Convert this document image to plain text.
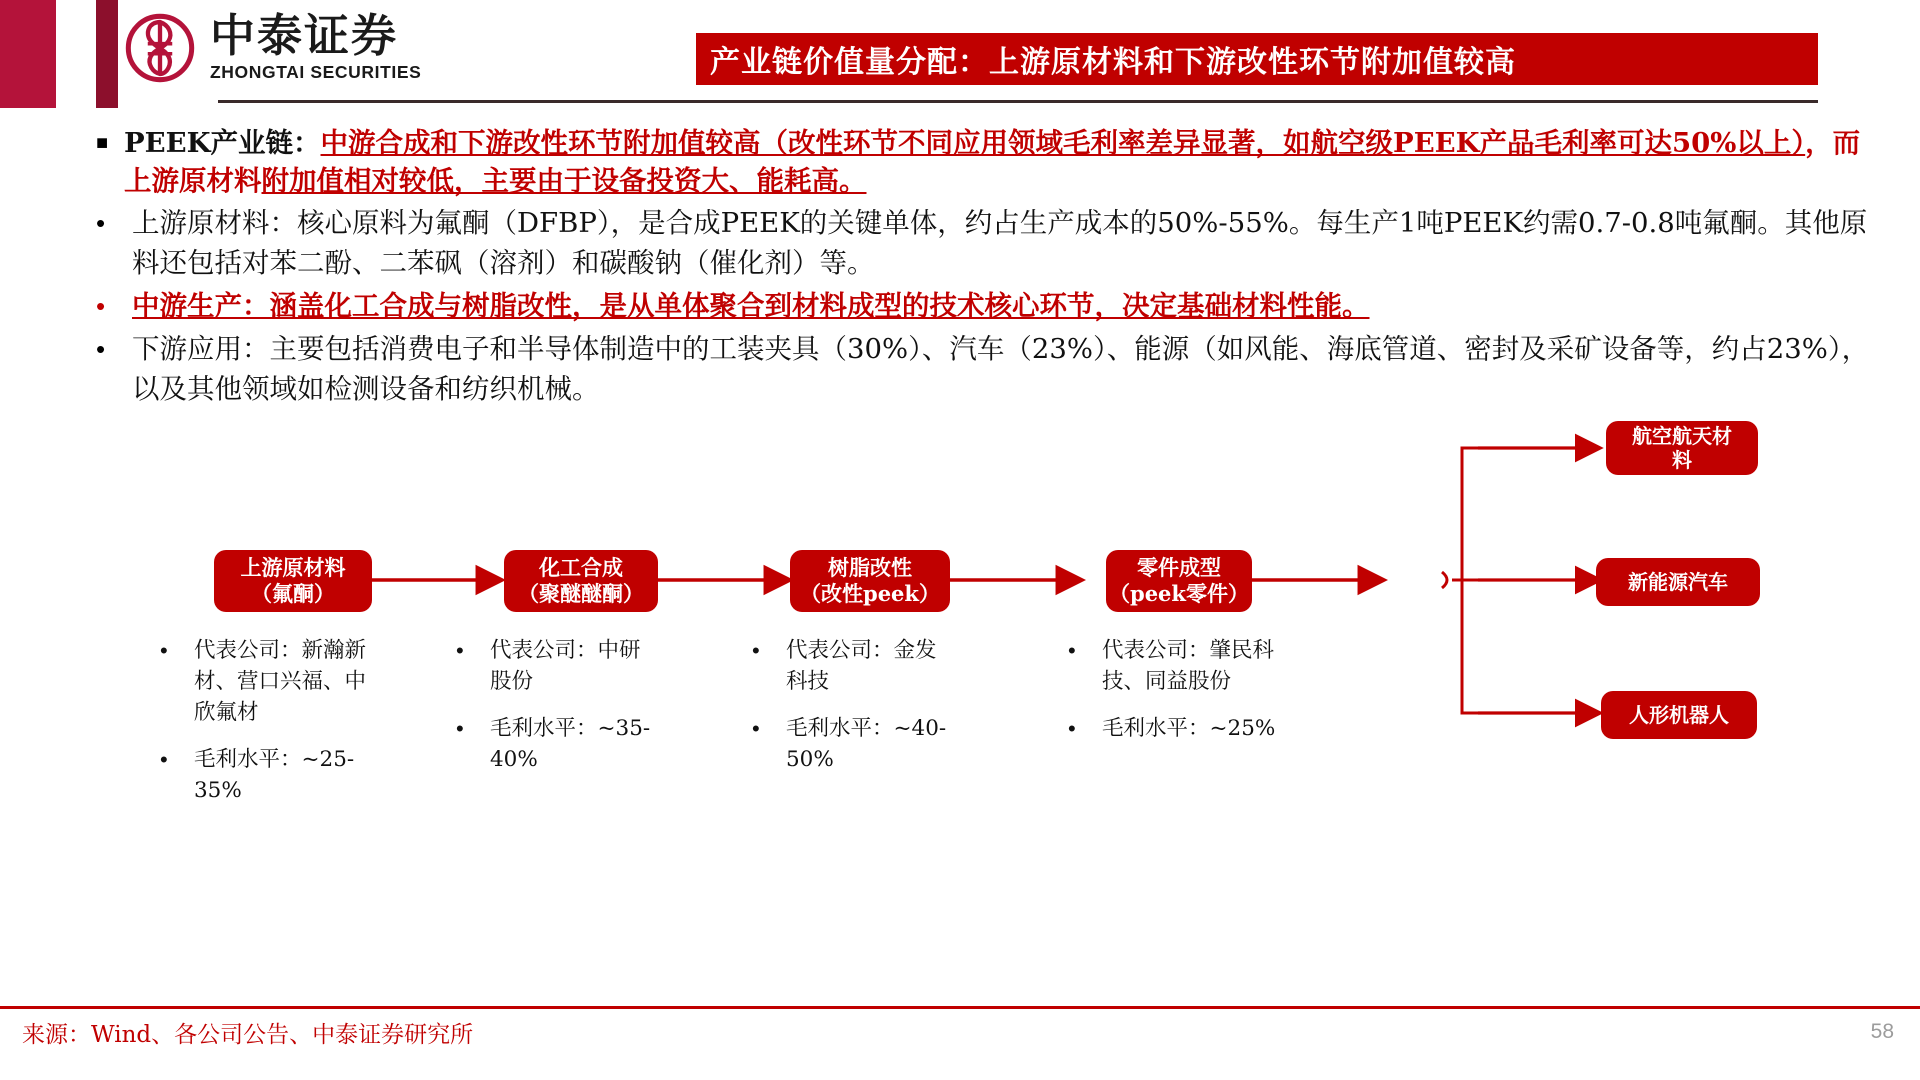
中泰证券
ZHONGTAI SECURITIES	产业链价值量分配：上游原材料和下游改性环节附加值较高
■ PEEK产业链：中游合成和下游改性环节附加值较高（改性环节不同应用领域毛利率差异显著，如航空级PEEK产品毛利率可达50%以上），而上游原材料附加值相对较低，主要由于设备投资大、能耗高。
• 上游原材料：核心原料为氟酮（DFBP），是合成PEEK的关键单体，约占生产成本的50%-55%。每生产1吨PEEK约需0.7-0.8吨氟酮。其他原料还包括对苯二酚、二苯砜（溶剂）和碳酸钠（催化剂）等。
• 中游生产：涵盖化工合成与树脂改性，是从单体聚合到材料成型的技术核心环节，决定基础材料性能。
• 下游应用：主要包括消费电子和半导体制造中的工装夹具（30%）、汽车（23%）、能源（如风能、海底管道、密封及采矿设备等，约占23%），以及其他领域如检测设备和纺织机械。
上游原材料
（氟酮）
化工合成
（聚醚醚酮）
树脂改性
（改性peek）
零件成型
（peek零件）
航空航天材
料
新能源汽车
人形机器人
•	代表公司：新瀚新材、营口兴福、中欣氟材
•	毛利水平：~25-35%
•	代表公司：中研股份
•	毛利水平：~35-40%
•	代表公司：金发科技
•	毛利水平：~40-50%
•	代表公司：肇民科技、同益股份
•	毛利水平：~25%
来源：Wind、各公司公告、中泰证券研究所	58
